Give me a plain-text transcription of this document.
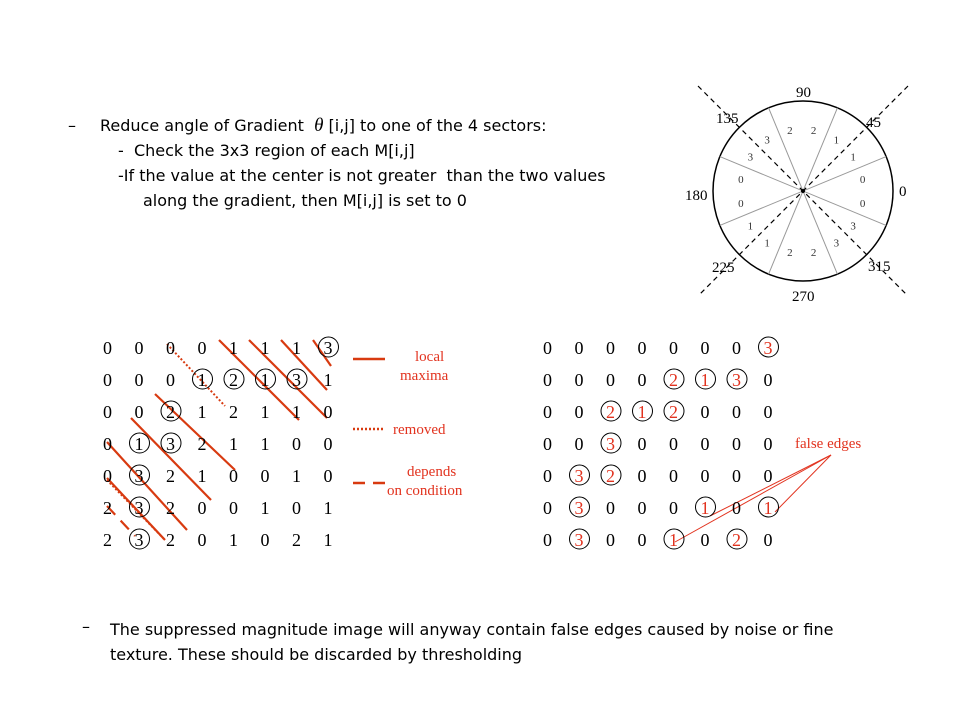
– Reduce angle of Gradient θ [i,j] to one of the 4 sectors:
-  Check the 3x3 region of each M[i,j]
-If the value at the center is not greater  than the two values
along the gradient, then M[i,j] is set to 0
90
45
0
315
270
225
180
135
2 2
1
1
0
0
3
3
2
2
1
1
0
0
3
3
0 0 0 0 1 1 1 3
0 0 0 1 2 1 3 1
0 0 2 1 2 1 1 0
0 1 3 2 1 1 0 0
0 3 2 1 0 0 1 0
2 3 2 0 0 1 0 1
2 3 2 0 1 0 2 1
local maxima
removed
depends on condition
false edges
0 0 0 0 0 0 0 3
0 0 0 0 2 1 3 0
0 0 2 1 2 0 0 0
0 0 3 0 0 0 0 0
0 3 2 0 0 0 0 0
0 3 0 0 0 1 0 1
0 3 0 0 1 0 2 0
– The suppressed magnitude image will anyway contain false edges caused by noise or fine texture. These should be discarded by thresholding
